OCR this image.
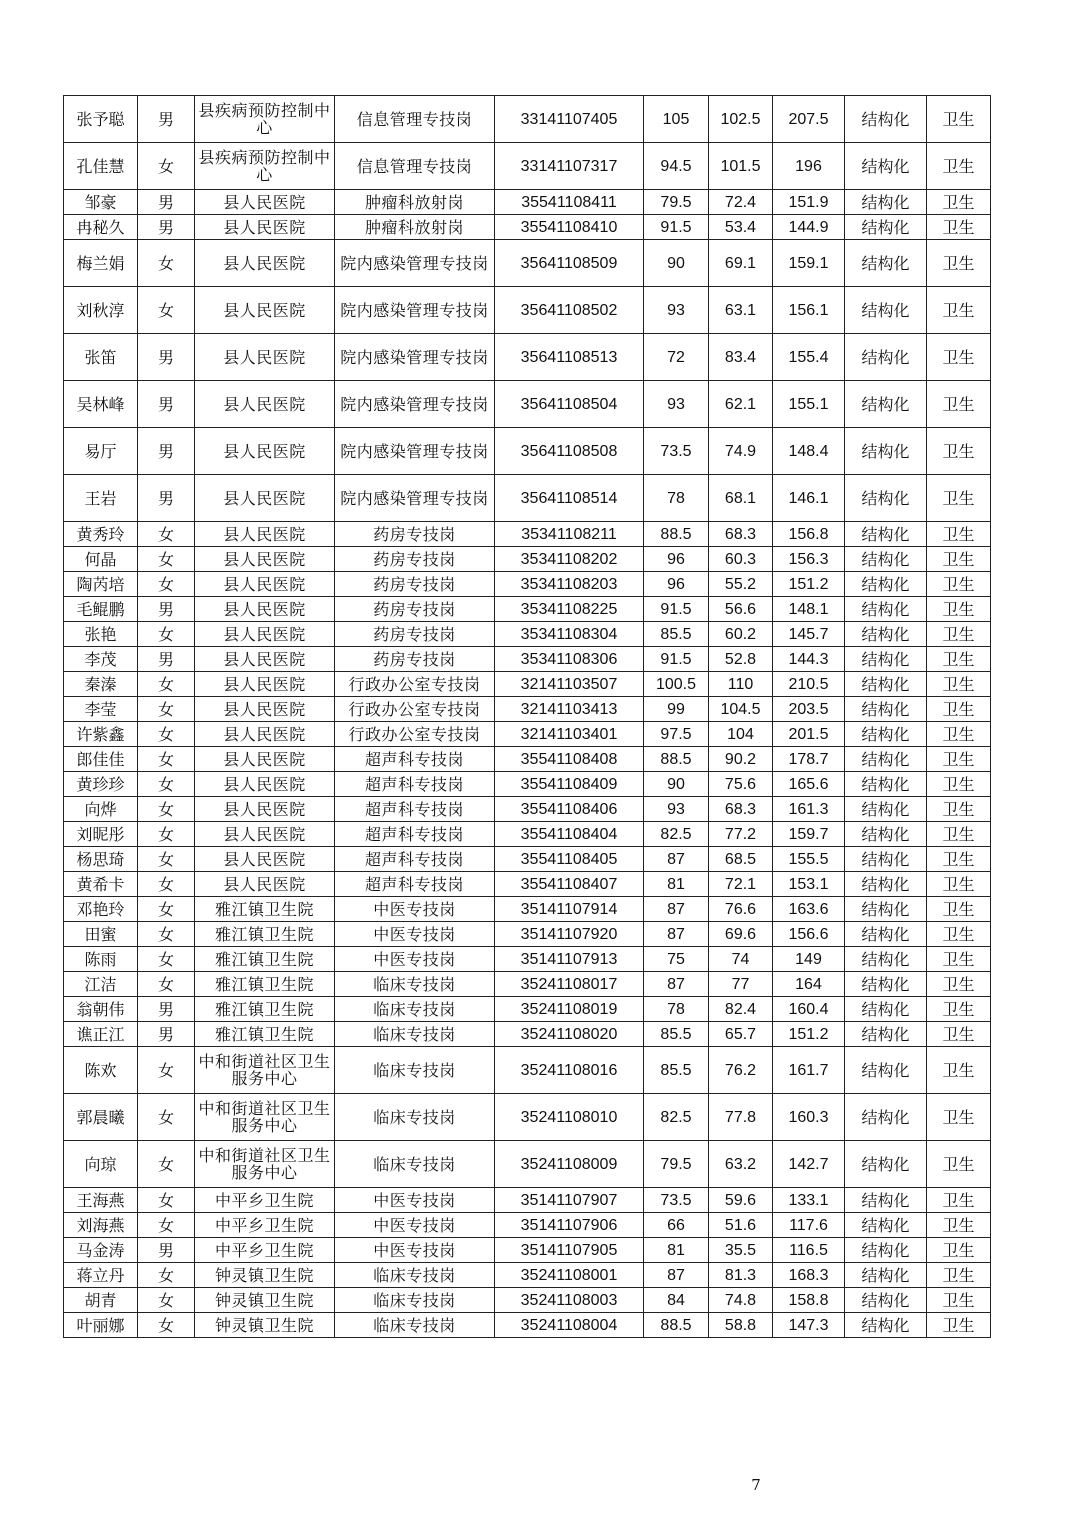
张予聪	男	县疾病预防控制中心	信息管理专技岗	33141107405	105	102.5	207.5	结构化	卫生
孔佳慧	女	县疾病预防控制中心	信息管理专技岗	33141107317	94.5	101.5	196	结构化	卫生
邹豪	男	县人民医院	肿瘤科放射岗	35541108411	79.5	72.4	151.9	结构化	卫生
冉秘久	男	县人民医院	肿瘤科放射岗	35541108410	91.5	53.4	144.9	结构化	卫生
梅兰娟	女	县人民医院	院内感染管理专技岗	35641108509	90	69.1	159.1	结构化	卫生
刘秋淳	女	县人民医院	院内感染管理专技岗	35641108502	93	63.1	156.1	结构化	卫生
张笛	男	县人民医院	院内感染管理专技岗	35641108513	72	83.4	155.4	结构化	卫生
吴林峰	男	县人民医院	院内感染管理专技岗	35641108504	93	62.1	155.1	结构化	卫生
易厅	男	县人民医院	院内感染管理专技岗	35641108508	73.5	74.9	148.4	结构化	卫生
王岩	男	县人民医院	院内感染管理专技岗	35641108514	78	68.1	146.1	结构化	卫生
黄秀玲	女	县人民医院	药房专技岗	35341108211	88.5	68.3	156.8	结构化	卫生
何晶	女	县人民医院	药房专技岗	35341108202	96	60.3	156.3	结构化	卫生
陶芮培	女	县人民医院	药房专技岗	35341108203	96	55.2	151.2	结构化	卫生
毛鲲鹏	男	县人民医院	药房专技岗	35341108225	91.5	56.6	148.1	结构化	卫生
张艳	女	县人民医院	药房专技岗	35341108304	85.5	60.2	145.7	结构化	卫生
李茂	男	县人民医院	药房专技岗	35341108306	91.5	52.8	144.3	结构化	卫生
秦溱	女	县人民医院	行政办公室专技岗	32141103507	100.5	110	210.5	结构化	卫生
李莹	女	县人民医院	行政办公室专技岗	32141103413	99	104.5	203.5	结构化	卫生
许紫鑫	女	县人民医院	行政办公室专技岗	32141103401	97.5	104	201.5	结构化	卫生
郎佳佳	女	县人民医院	超声科专技岗	35541108408	88.5	90.2	178.7	结构化	卫生
黄珍珍	女	县人民医院	超声科专技岗	35541108409	90	75.6	165.6	结构化	卫生
向烨	女	县人民医院	超声科专技岗	35541108406	93	68.3	161.3	结构化	卫生
刘昵彤	女	县人民医院	超声科专技岗	35541108404	82.5	77.2	159.7	结构化	卫生
杨思琦	女	县人民医院	超声科专技岗	35541108405	87	68.5	155.5	结构化	卫生
黄希卡	女	县人民医院	超声科专技岗	35541108407	81	72.1	153.1	结构化	卫生
邓艳玲	女	雅江镇卫生院	中医专技岗	35141107914	87	76.6	163.6	结构化	卫生
田蜜	女	雅江镇卫生院	中医专技岗	35141107920	87	69.6	156.6	结构化	卫生
陈雨	女	雅江镇卫生院	中医专技岗	35141107913	75	74	149	结构化	卫生
江洁	女	雅江镇卫生院	临床专技岗	35241108017	87	77	164	结构化	卫生
翁朝伟	男	雅江镇卫生院	临床专技岗	35241108019	78	82.4	160.4	结构化	卫生
谯正江	男	雅江镇卫生院	临床专技岗	35241108020	85.5	65.7	151.2	结构化	卫生
陈欢	女	中和街道社区卫生服务中心	临床专技岗	35241108016	85.5	76.2	161.7	结构化	卫生
郭晨曦	女	中和街道社区卫生服务中心	临床专技岗	35241108010	82.5	77.8	160.3	结构化	卫生
向琼	女	中和街道社区卫生服务中心	临床专技岗	35241108009	79.5	63.2	142.7	结构化	卫生
王海燕	女	中平乡卫生院	中医专技岗	35141107907	73.5	59.6	133.1	结构化	卫生
刘海燕	女	中平乡卫生院	中医专技岗	35141107906	66	51.6	117.6	结构化	卫生
马金涛	男	中平乡卫生院	中医专技岗	35141107905	81	35.5	116.5	结构化	卫生
蒋立丹	女	钟灵镇卫生院	临床专技岗	35241108001	87	81.3	168.3	结构化	卫生
胡青	女	钟灵镇卫生院	临床专技岗	35241108003	84	74.8	158.8	结构化	卫生
叶丽娜	女	钟灵镇卫生院	临床专技岗	35241108004	88.5	58.8	147.3	结构化	卫生
7
